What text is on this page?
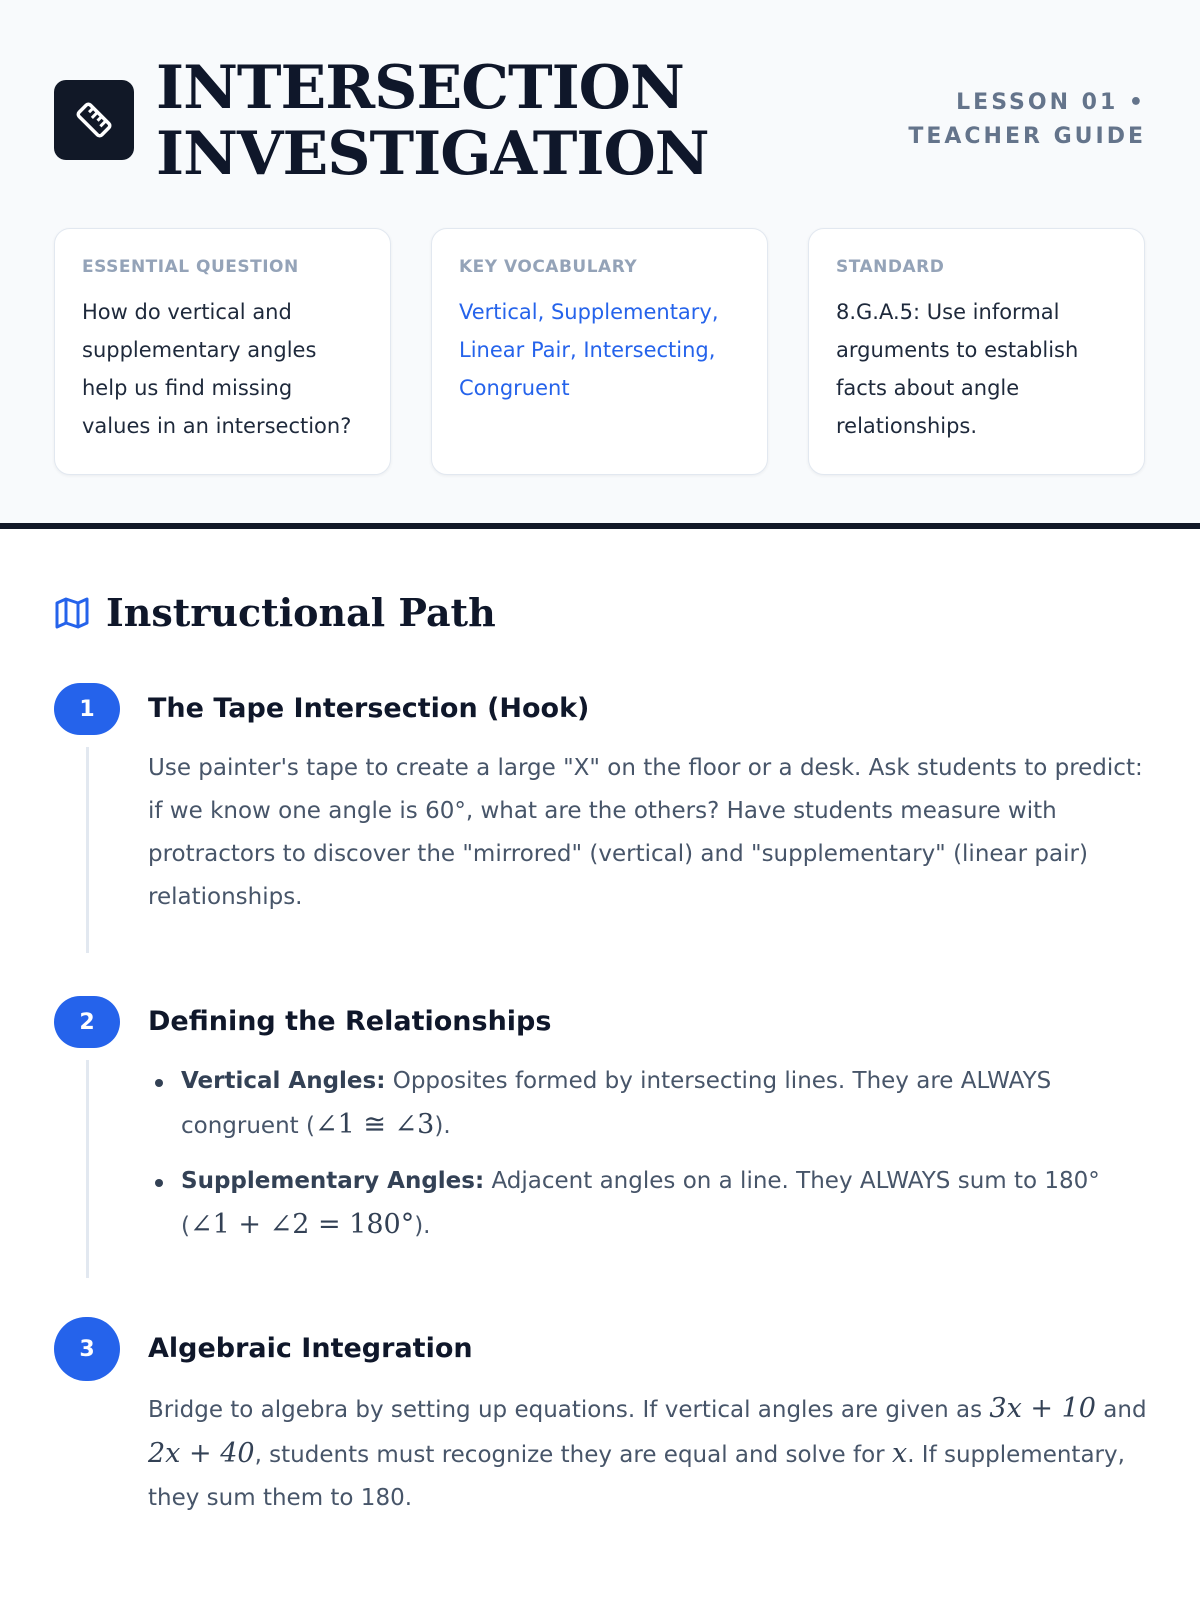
INTERSECTION
INVESTIGATION
LESSON 01 • TEACHER GUIDE
ESSENTIAL QUESTION
How do vertical and supplementary angles help us find missing values in an intersection?
KEY VOCABULARY
Vertical, Supplementary, Linear Pair, Intersecting, Congruent
STANDARD
8.G.A.5: Use informal arguments to establish facts about angle relationships.
Instructional Path
1	The Tape Intersection (Hook)
Use painter's tape to create a large "X" on the floor or a desk. Ask students to predict: if we know one angle is 60°, what are the others? Have students measure with protractors to discover the "mirrored" (vertical) and "supplementary" (linear pair) relationships.
2	Defining the Relationships
Vertical Angles: Opposites formed by intersecting lines. They are ALWAYS congruent (∠1 ≅ ∠3).
Supplementary Angles: Adjacent angles on a line. They ALWAYS sum to 180° (∠1 + ∠2 = 180°).
3	Algebraic Integration
Bridge to algebra by setting up equations. If vertical angles are given as 3x + 10 and 2x + 40, students must recognize they are equal and solve for x. If supplementary, they sum them to 180.
